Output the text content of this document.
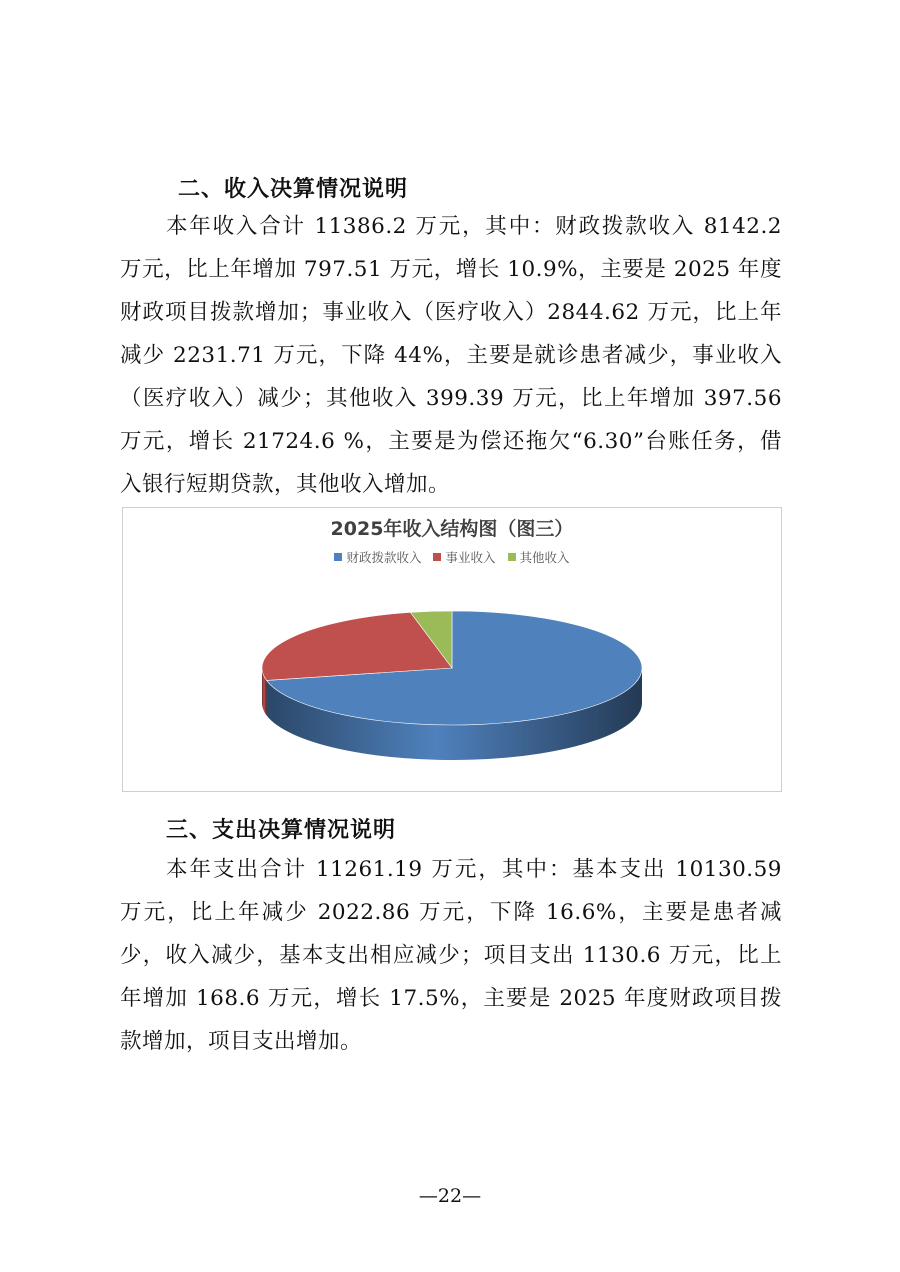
二、收入决算情况说明

本年收入合计 11386.2 万元，其中：财政拨款收入 8142.2 万元，比上年增加 797.51 万元，增长 10.9%，主要是 2025 年度财政项目拨款增加；事业收入（医疗收入）2844.62 万元，比上年减少 2231.71 万元，下降 44%，主要是就诊患者减少，事业收入（医疗收入）减少；其他收入 399.39 万元，比上年增加 397.56 万元，增长 21724.6 %，主要是为偿还拖欠“6.30”台账任务，借入银行短期贷款，其他收入增加。

2025年收入结构图（图三）

财政拨款收入 事业收入 其他收入
三、支出决算情况说明

本年支出合计 11261.19 万元，其中：基本支出 10130.59 万元，比上年减少 2022.86 万元，下降 16.6%，主要是患者减少，收入减少，基本支出相应减少；项目支出 1130.6 万元，比上年增加 168.6 万元，增长 17.5%，主要是 2025 年度财政项目拨款增加，项目支出增加。

—22—
